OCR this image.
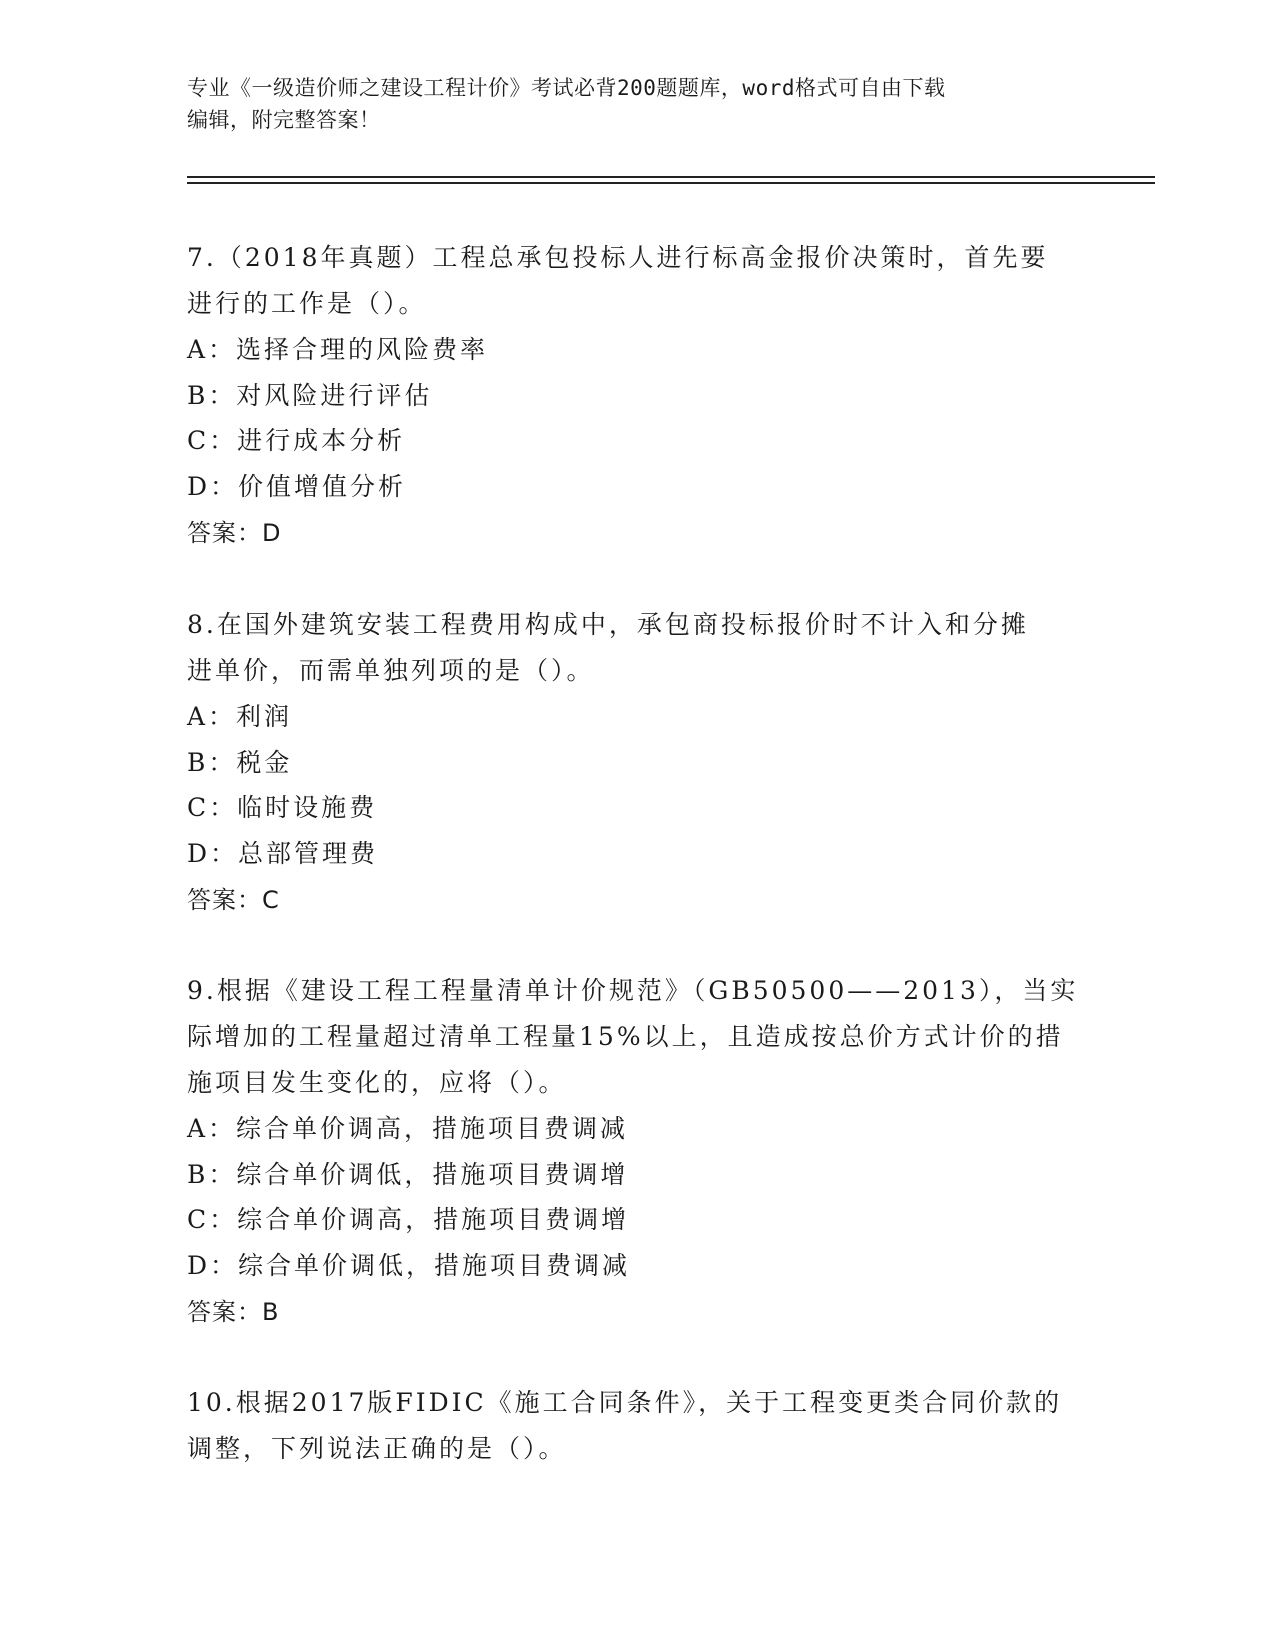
专业《一级造价师之建设工程计价》考试必背200题题库，word格式可自由下载
编辑，附完整答案！
7.（2018年真题）工程总承包投标人进行标高金报价决策时，首先要
进行的工作是（）。
A：选择合理的风险费率
B：对风险进行评估
C：进行成本分析
D：价值增值分析
答案：D
8.在国外建筑安装工程费用构成中，承包商投标报价时不计入和分摊
进单价，而需单独列项的是（）。
A：利润
B：税金
C：临时设施费
D：总部管理费
答案：C
9.根据《建设工程工程量清单计价规范》（GB50500——2013），当实
际增加的工程量超过清单工程量15%以上，且造成按总价方式计价的措
施项目发生变化的，应将（）。
A：综合单价调高，措施项目费调减
B：综合单价调低，措施项目费调增
C：综合单价调高，措施项目费调增
D：综合单价调低，措施项目费调减
答案：B
10.根据2017版FIDIC《施工合同条件》，关于工程变更类合同价款的
调整，下列说法正确的是（）。
